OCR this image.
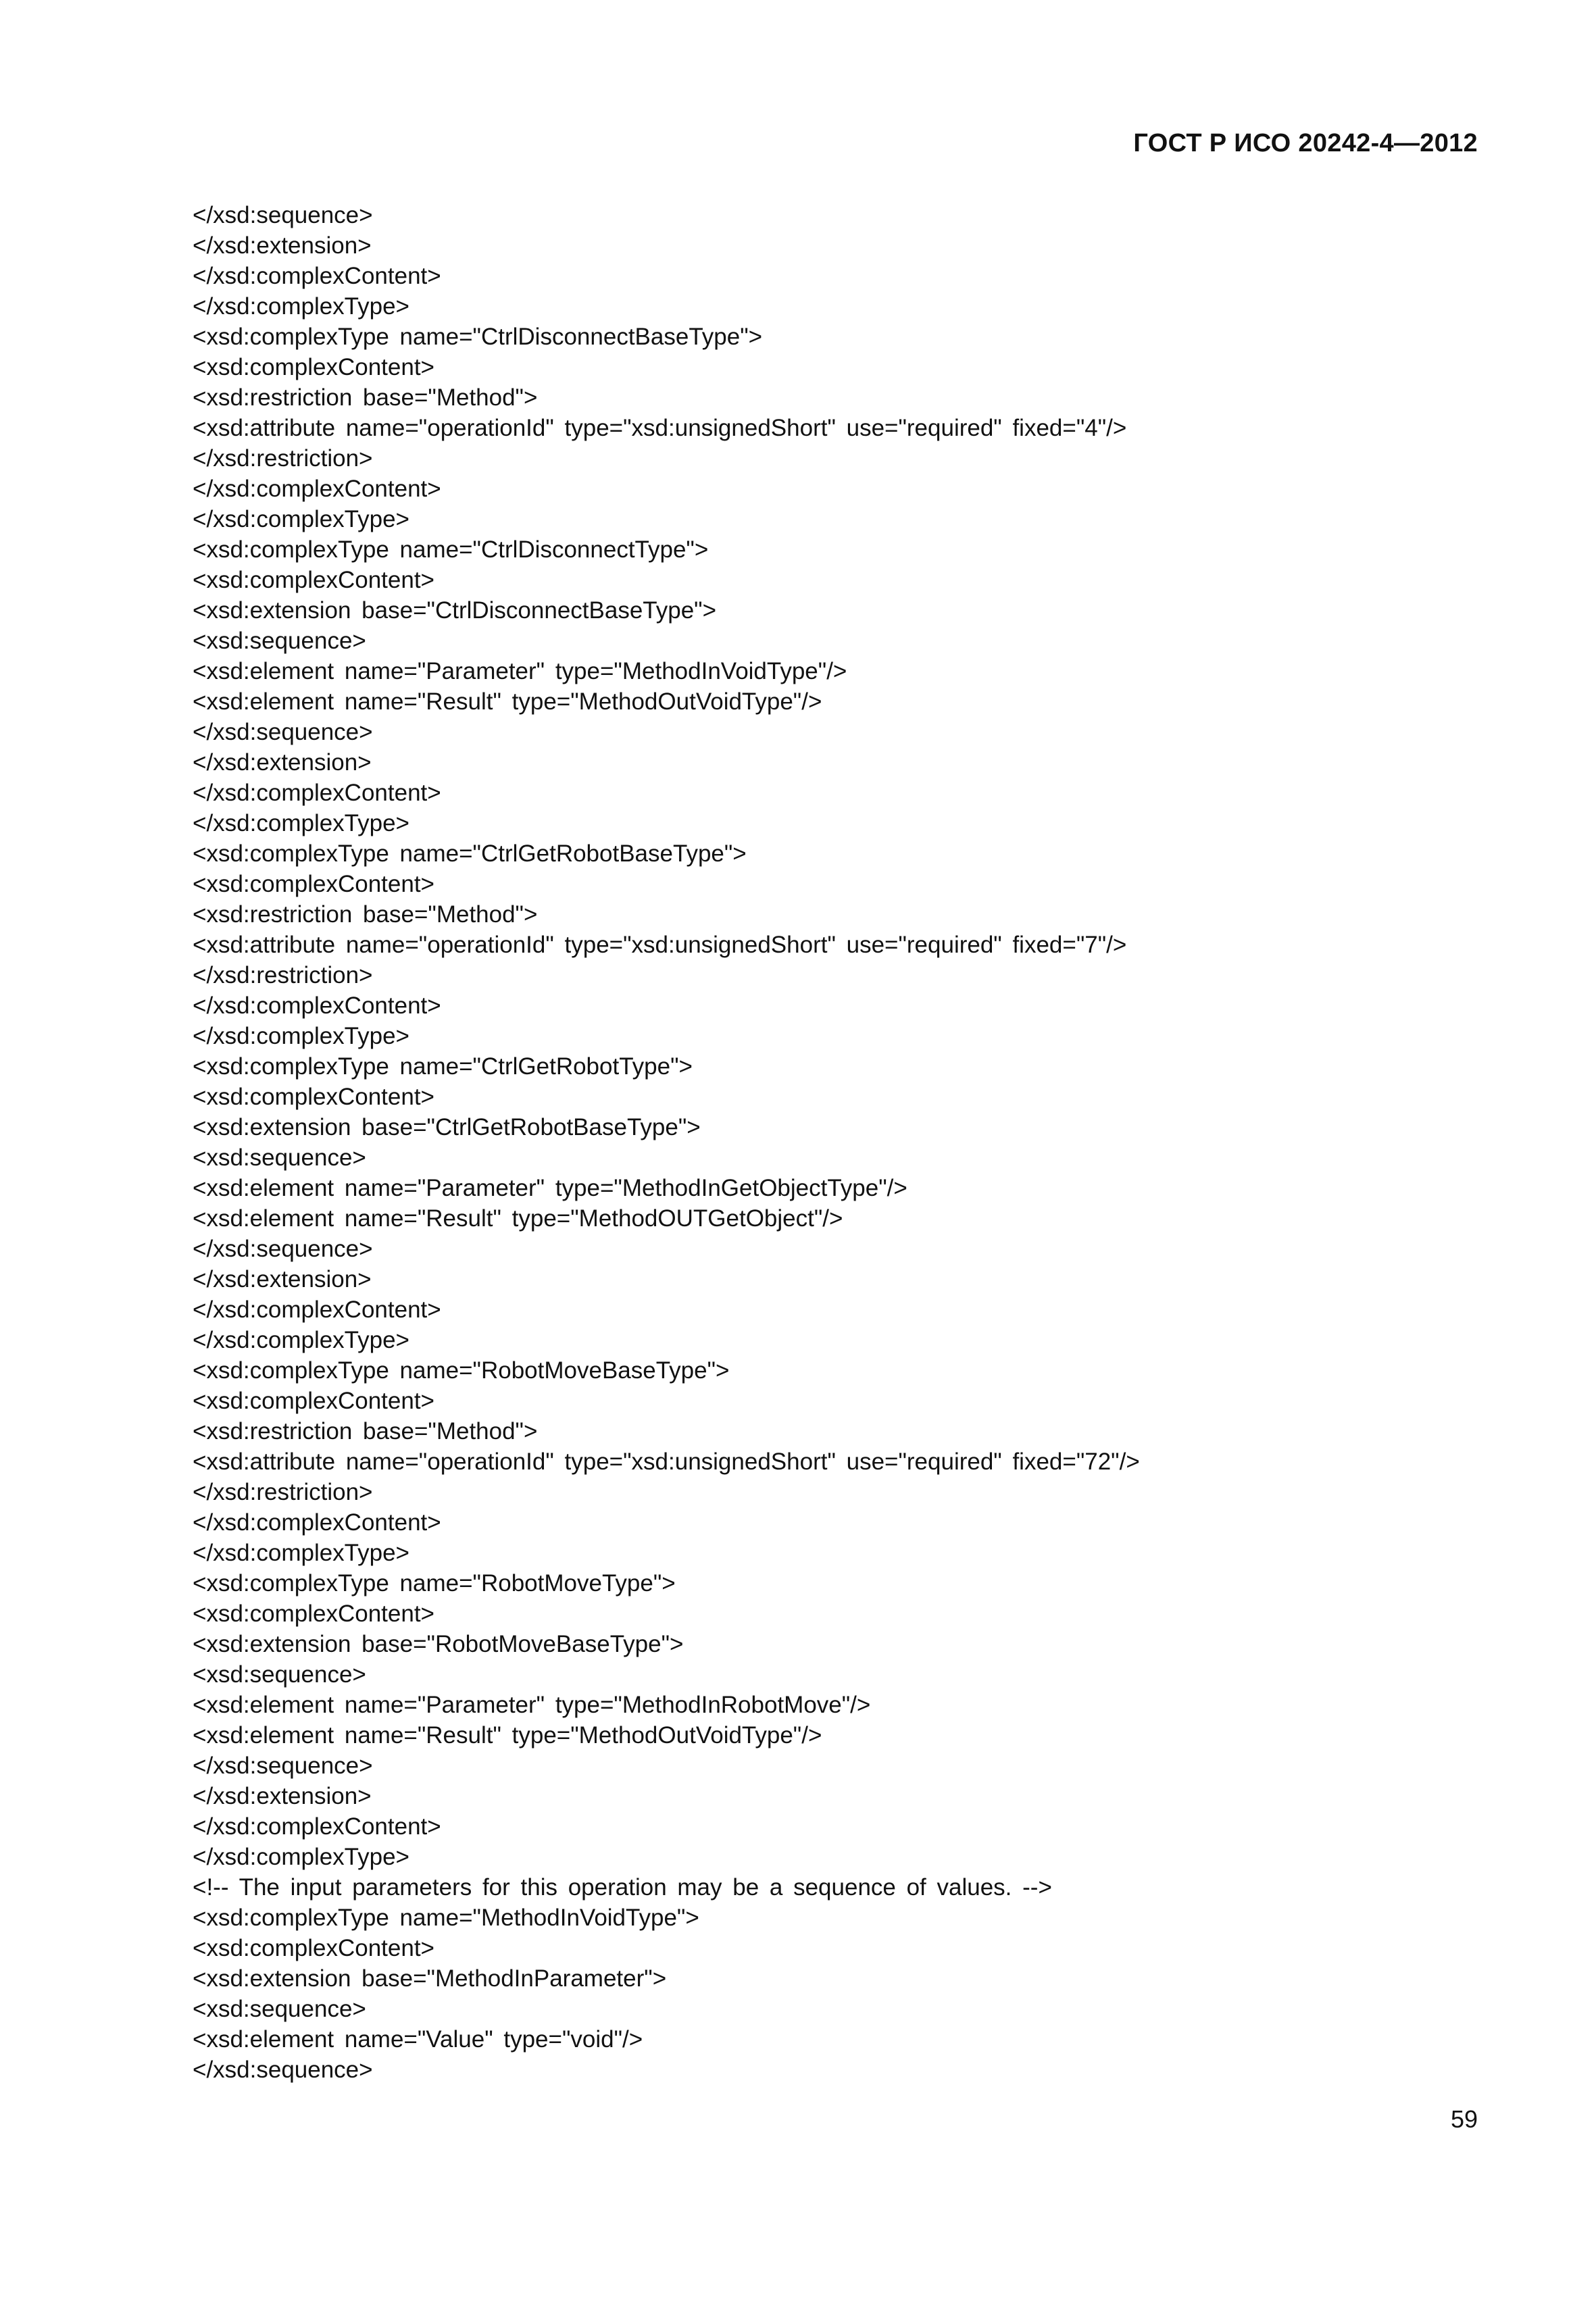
ГОСТ Р ИСО 20242-4—2012
</xsd:sequence>
</xsd:extension>
</xsd:complexContent>
</xsd:complexType>
<xsd:complexType name="CtrlDisconnectBaseType">
<xsd:complexContent>
<xsd:restriction base="Method">
<xsd:attribute name="operationId" type="xsd:unsignedShort" use="required" fixed="4"/>
</xsd:restriction>
</xsd:complexContent>
</xsd:complexType>
<xsd:complexType name="CtrlDisconnectType">
<xsd:complexContent>
<xsd:extension base="CtrlDisconnectBaseType">
<xsd:sequence>
<xsd:element name="Parameter" type="MethodInVoidType"/>
<xsd:element name="Result" type="MethodOutVoidType"/>
</xsd:sequence>
</xsd:extension>
</xsd:complexContent>
</xsd:complexType>
<xsd:complexType name="CtrlGetRobotBaseType">
<xsd:complexContent>
<xsd:restriction base="Method">
<xsd:attribute name="operationId" type="xsd:unsignedShort" use="required" fixed="7"/>
</xsd:restriction>
</xsd:complexContent>
</xsd:complexType>
<xsd:complexType name="CtrlGetRobotType">
<xsd:complexContent>
<xsd:extension base="CtrlGetRobotBaseType">
<xsd:sequence>
<xsd:element name="Parameter" type="MethodInGetObjectType"/>
<xsd:element name="Result" type="MethodOUTGetObject"/>
</xsd:sequence>
</xsd:extension>
</xsd:complexContent>
</xsd:complexType>
<xsd:complexType name="RobotMoveBaseType">
<xsd:complexContent>
<xsd:restriction base="Method">
<xsd:attribute name="operationId" type="xsd:unsignedShort" use="required" fixed="72"/>
</xsd:restriction>
</xsd:complexContent>
</xsd:complexType>
<xsd:complexType name="RobotMoveType">
<xsd:complexContent>
<xsd:extension base="RobotMoveBaseType">
<xsd:sequence>
<xsd:element name="Parameter" type="MethodInRobotMove"/>
<xsd:element name="Result" type="MethodOutVoidType"/>
</xsd:sequence>
</xsd:extension>
</xsd:complexContent>
</xsd:complexType>
<!-- The input parameters for this operation may be a sequence of values. -->
<xsd:complexType name="MethodInVoidType">
<xsd:complexContent>
<xsd:extension base="MethodInParameter">
<xsd:sequence>
<xsd:element name="Value" type="void"/>
</xsd:sequence>
59
